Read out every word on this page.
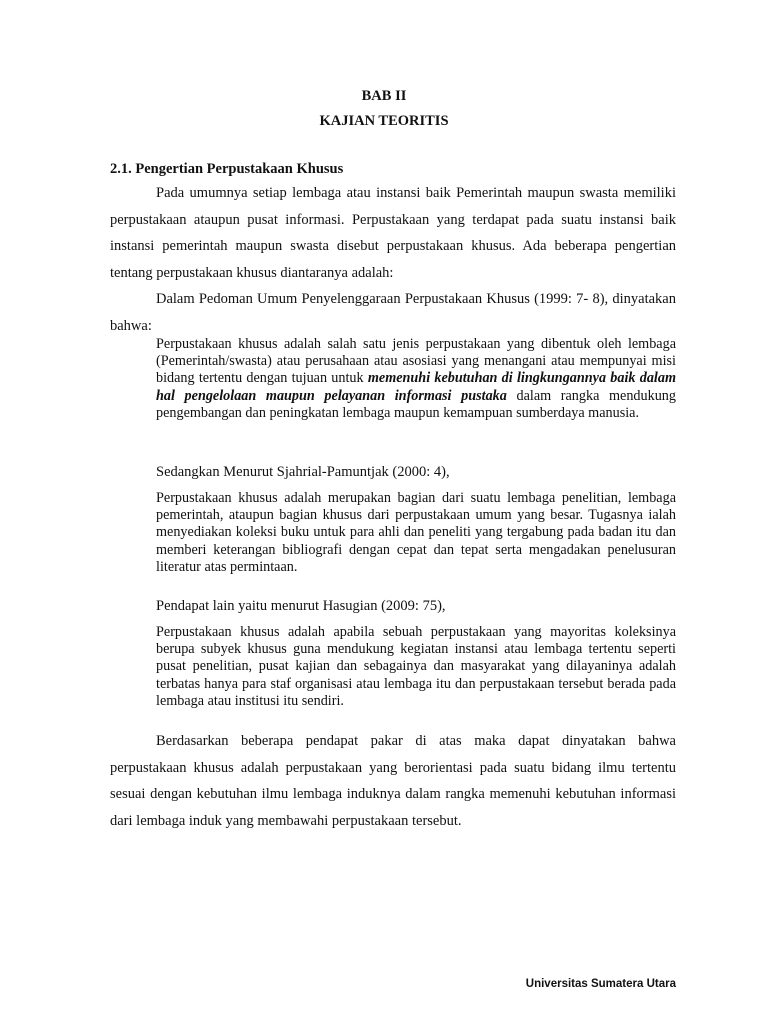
BAB II
KAJIAN TEORITIS
2.1. Pengertian Perpustakaan Khusus

Pada umumnya setiap lembaga atau instansi baik Pemerintah maupun swasta memiliki perpustakaan ataupun pusat informasi. Perpustakaan yang terdapat pada suatu instansi baik instansi pemerintah maupun swasta disebut perpustakaan khusus. Ada beberapa pengertian tentang perpustakaan khusus diantaranya adalah:

Dalam Pedoman Umum Penyelenggaraan Perpustakaan Khusus (1999: 7- 8), dinyatakan bahwa:

Perpustakaan khusus adalah salah satu jenis perpustakaan yang dibentuk oleh lembaga (Pemerintah/swasta) atau perusahaan atau asosiasi yang menangani atau mempunyai misi bidang tertentu dengan tujuan untuk memenuhi kebutuhan di lingkungannya baik dalam hal pengelolaan maupun pelayanan informasi pustaka dalam rangka mendukung pengembangan dan peningkatan lembaga maupun kemampuan sumberdaya manusia.

Sedangkan Menurut Sjahrial-Pamuntjak (2000: 4),

Perpustakaan khusus adalah merupakan bagian dari suatu lembaga penelitian, lembaga pemerintah, ataupun bagian khusus dari perpustakaan umum yang besar. Tugasnya ialah menyediakan koleksi buku untuk para ahli dan peneliti yang tergabung pada badan itu dan memberi keterangan bibliografi dengan cepat dan tepat serta mengadakan penelusuran literatur atas permintaan.

Pendapat lain yaitu menurut Hasugian (2009: 75),

Perpustakaan khusus adalah apabila sebuah perpustakaan yang mayoritas koleksinya berupa subyek khusus guna mendukung kegiatan instansi atau lembaga tertentu seperti pusat penelitian, pusat kajian dan sebagainya dan masyarakat yang dilayaninya adalah terbatas hanya para staf organisasi atau lembaga itu dan perpustakaan tersebut berada pada lembaga atau institusi itu sendiri.

Berdasarkan beberapa pendapat pakar di atas maka dapat dinyatakan bahwa perpustakaan khusus adalah perpustakaan yang berorientasi pada suatu bidang ilmu tertentu sesuai dengan kebutuhan ilmu lembaga induknya dalam rangka memenuhi kebutuhan informasi dari lembaga induk yang membawahi perpustakaan tersebut.

Universitas Sumatera Utara
